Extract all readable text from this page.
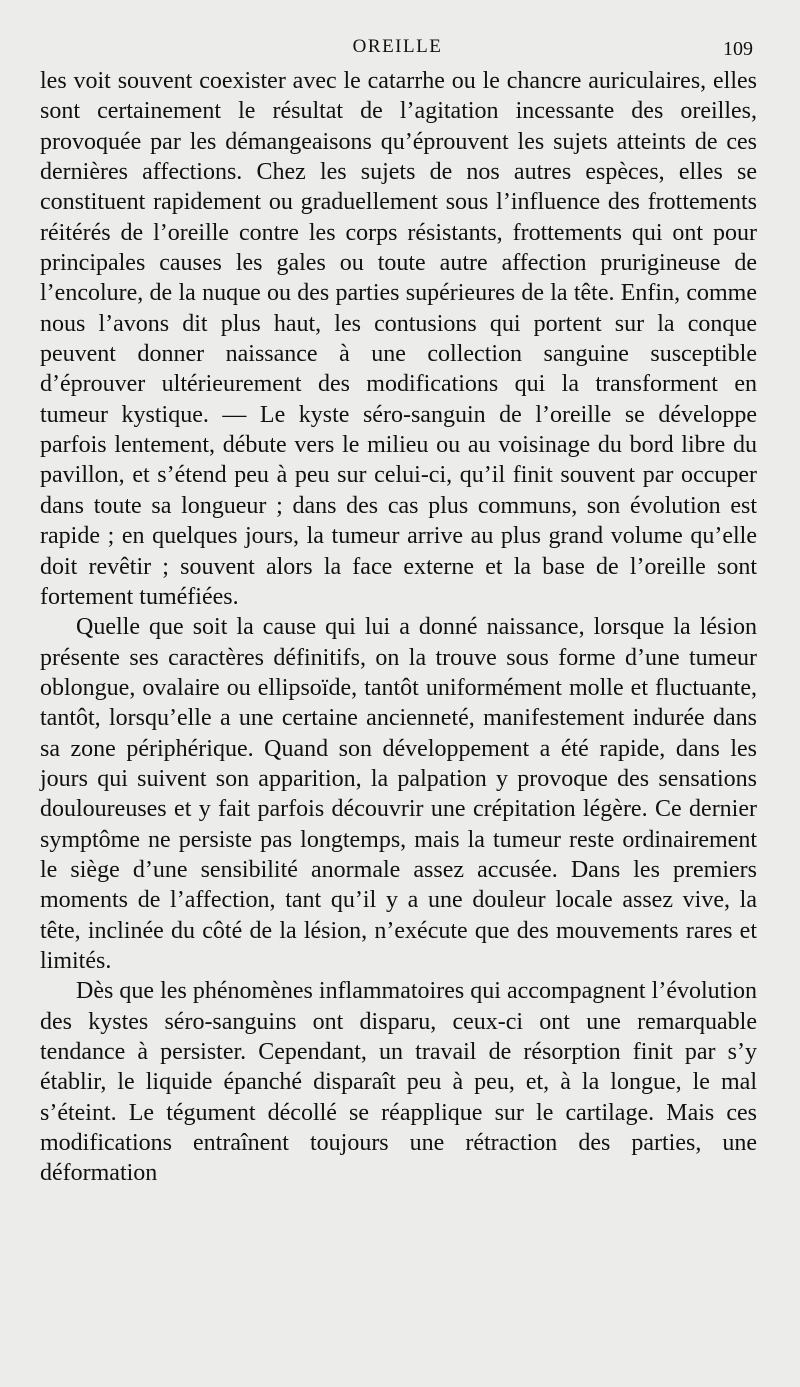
OREILLE	109

les voit souvent coexister avec le catarrhe ou le chancre auriculaires, elles sont certainement le résultat de l’agitation incessante des oreilles, provoquée par les démangeaisons qu’éprouvent les sujets atteints de ces dernières affections. Chez les sujets de nos autres espèces, elles se constituent rapidement ou graduellement sous l’influence des frottements réitérés de l’oreille contre les corps résistants, frottements qui ont pour principales causes les gales ou toute autre affection prurigineuse de l’encolure, de la nuque ou des parties supérieures de la tête. Enfin, comme nous l’avons dit plus haut, les contusions qui portent sur la conque peuvent donner naissance à une collection sanguine susceptible d’éprouver ultérieurement des modifications qui la transforment en tumeur kystique. — Le kyste séro-sanguin de l’oreille se développe parfois lentement, débute vers le milieu ou au voisinage du bord libre du pavillon, et s’étend peu à peu sur celui-ci, qu’il finit souvent par occuper dans toute sa longueur ; dans des cas plus communs, son évolution est rapide ; en quelques jours, la tumeur arrive au plus grand volume qu’elle doit revêtir ; souvent alors la face externe et la base de l’oreille sont fortement tuméfiées.

Quelle que soit la cause qui lui a donné naissance, lorsque la lésion présente ses caractères définitifs, on la trouve sous forme d’une tumeur oblongue, ovalaire ou ellipsoïde, tantôt uniformément molle et fluctuante, tantôt, lorsqu’elle a une certaine ancienneté, manifestement indurée dans sa zone périphérique. Quand son développement a été rapide, dans les jours qui suivent son apparition, la palpation y provoque des sensations douloureuses et y fait parfois découvrir une crépitation légère. Ce dernier symptôme ne persiste pas longtemps, mais la tumeur reste ordinairement le siège d’une sensibilité anormale assez accusée. Dans les premiers moments de l’affection, tant qu’il y a une douleur locale assez vive, la tête, inclinée du côté de la lésion, n’exécute que des mouvements rares et limités.

Dès que les phénomènes inflammatoires qui accompagnent l’évolution des kystes séro-sanguins ont disparu, ceux-ci ont une remarquable tendance à persister. Cependant, un travail de résorption finit par s’y établir, le liquide épanché disparaît peu à peu, et, à la longue, le mal s’éteint. Le tégument décollé se réapplique sur le cartilage. Mais ces modifications entraînent toujours une rétraction des parties, une déformation
